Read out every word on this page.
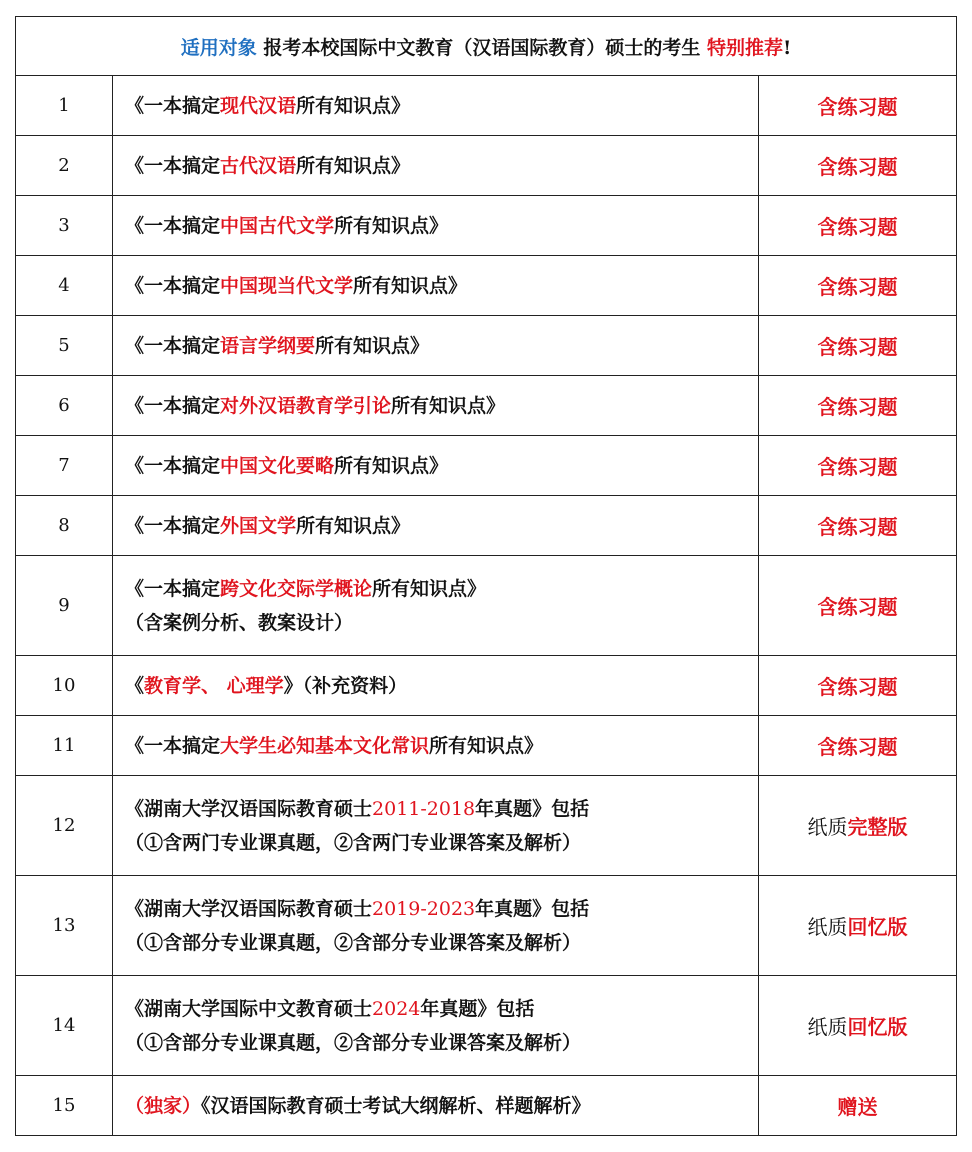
适用对象 报考本校国际中文教育（汉语国际教育）硕士的考生 特别推荐!		
1	《一本搞定现代汉语所有知识点》	含练习题
2	《一本搞定古代汉语所有知识点》	含练习题
3	《一本搞定中国古代文学所有知识点》	含练习题
4	《一本搞定中国现当代文学所有知识点》	含练习题
5	《一本搞定语言学纲要所有知识点》	含练习题
6	《一本搞定对外汉语教育学引论所有知识点》	含练习题
7	《一本搞定中国文化要略所有知识点》	含练习题
8	《一本搞定外国文学所有知识点》	含练习题
9	《一本搞定跨文化交际学概论所有知识点》
（含案例分析、教案设计）	含练习题
10	《教育学、 心理学》（补充资料）	含练习题
11	《一本搞定大学生必知基本文化常识所有知识点》	含练习题
12	《湖南大学汉语国际教育硕士2011-2018年真题》包括
（①含两门专业课真题，②含两门专业课答案及解析）	纸质完整版
13	《湖南大学汉语国际教育硕士2019-2023年真题》包括
（①含部分专业课真题，②含部分专业课答案及解析）	纸质回忆版
14	《湖南大学国际中文教育硕士2024年真题》包括
（①含部分专业课真题，②含部分专业课答案及解析）	纸质回忆版
15	（独家）《汉语国际教育硕士考试大纲解析、样题解析》	赠送
